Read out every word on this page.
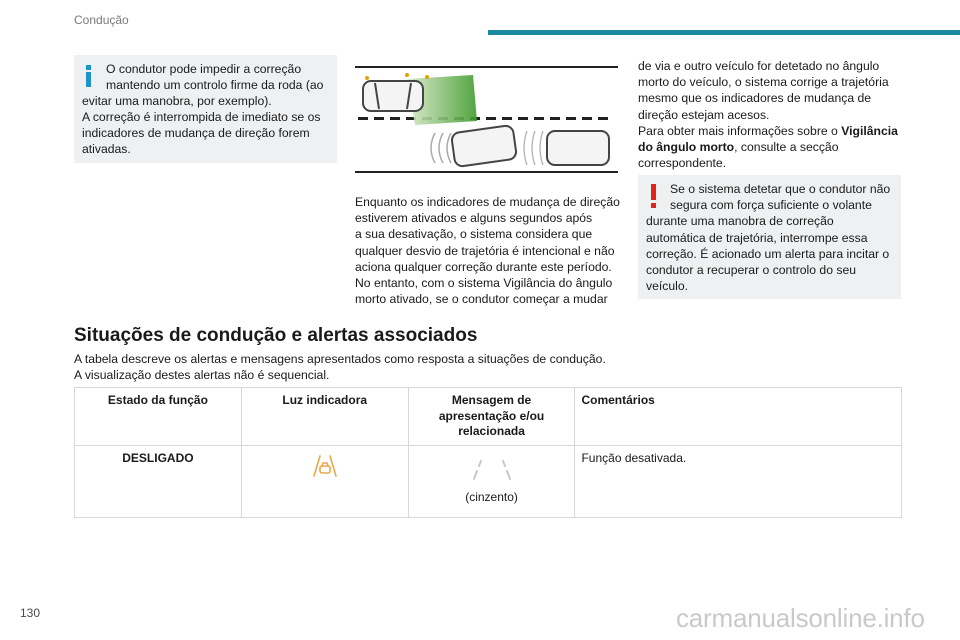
Condução
O condutor pode impedir a correção
mantendo um controlo firme da roda (ao
evitar uma manobra, por exemplo).
A correção é interrompida de imediato se os
indicadores de mudança de direção forem
ativadas.
Enquanto os indicadores de mudança de direção
estiverem ativados e alguns segundos após
a sua desativação, o sistema considera que
qualquer desvio de trajetória é intencional e não
aciona qualquer correção durante este período.
No entanto, com o sistema Vigilância do ângulo
morto ativado, se o condutor começar a mudar
de via e outro veículo for detetado no ângulo
morto do veículo, o sistema corrige a trajetória
mesmo que os indicadores de mudança de
direção estejam acesos.
Para obter mais informações sobre o Vigilância
do ângulo morto, consulte a secção
correspondente.
Se o sistema detetar que o condutor não
segura com força suficiente o volante
durante uma manobra de correção
automática de trajetória, interrompe essa
correção. É acionado um alerta para incitar o
condutor a recuperar o controlo do seu
veículo.
Situações de condução e alertas associados
A tabela descreve os alertas e mensagens apresentados como resposta a situações de condução.
A visualização destes alertas não é sequencial.
Estado da função	Luz indicadora	Mensagem de apresentação e/ou relacionada	Comentários

DESLIGADO		(cinzento)	Função desativada.
130	carmanualsonline.info
